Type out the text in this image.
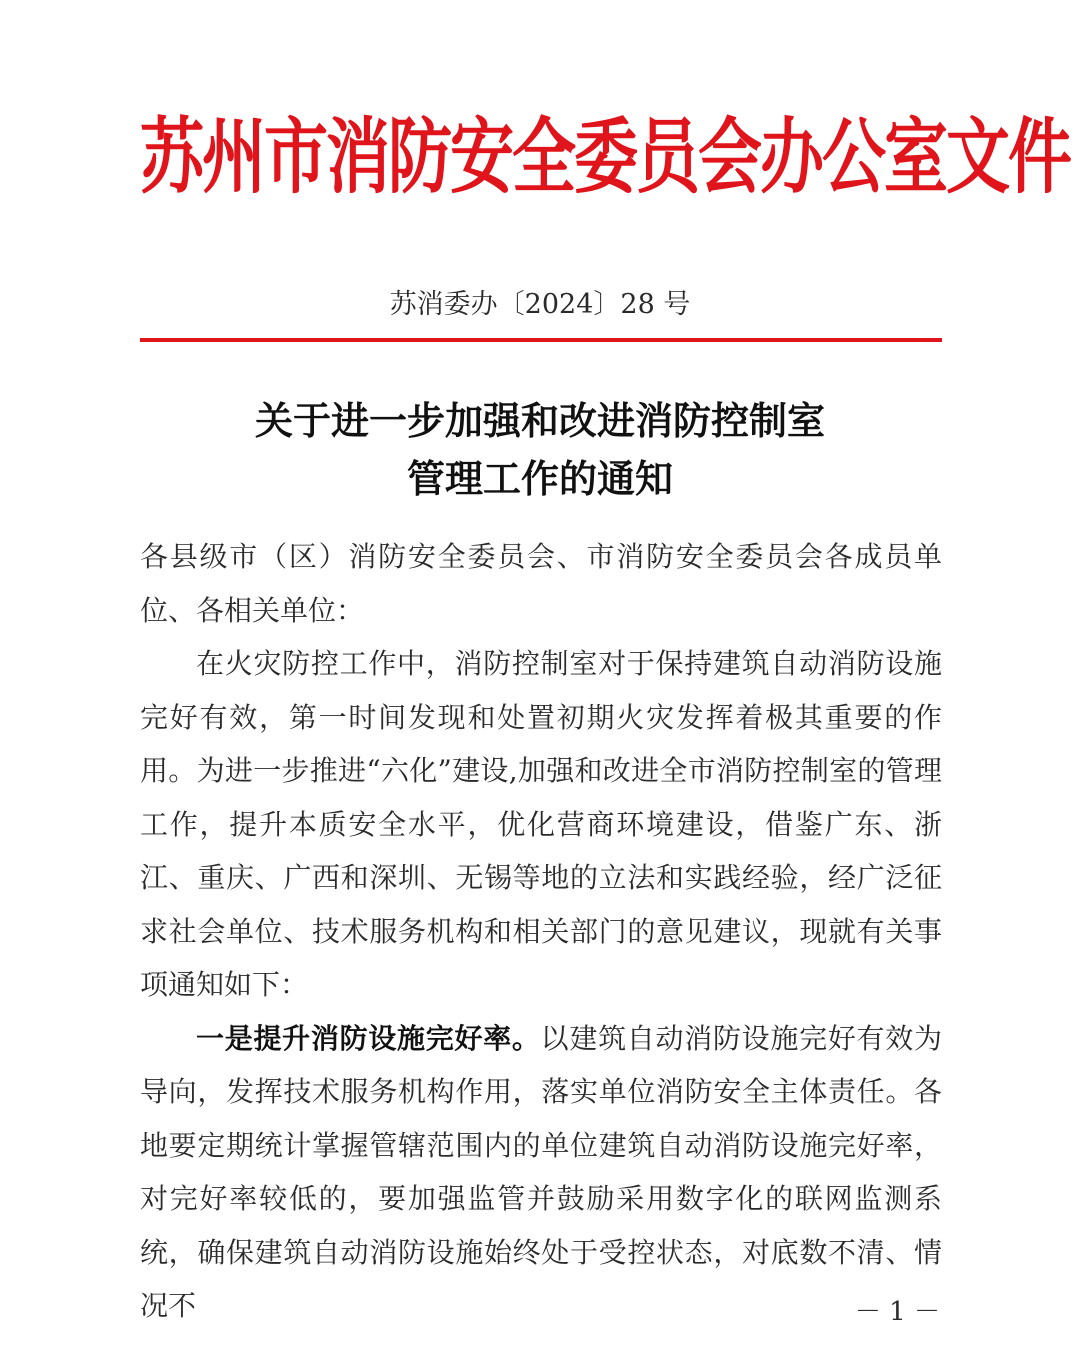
苏州市消防安全委员会办公室文件
苏消委办〔2024〕28 号
关于进一步加强和改进消防控制室
管理工作的通知

各县级市（区）消防安全委员会、市消防安全委员会各成员单位、各相关单位：

在火灾防控工作中，消防控制室对于保持建筑自动消防设施完好有效，第一时间发现和处置初期火灾发挥着极其重要的作用。为进一步推进“六化”建设,加强和改进全市消防控制室的管理工作，提升本质安全水平，优化营商环境建设，借鉴广东、浙江、重庆、广西和深圳、无锡等地的立法和实践经验，经广泛征求社会单位、技术服务机构和相关部门的意见建议，现就有关事项通知如下：

一是提升消防设施完好率。以建筑自动消防设施完好有效为导向，发挥技术服务机构作用，落实单位消防安全主体责任。各地要定期统计掌握管辖范围内的单位建筑自动消防设施完好率，对完好率较低的，要加强监管并鼓励采用数字化的联网监测系统，确保建筑自动消防设施始终处于受控状态，对底数不清、情况不	－ 1 －
